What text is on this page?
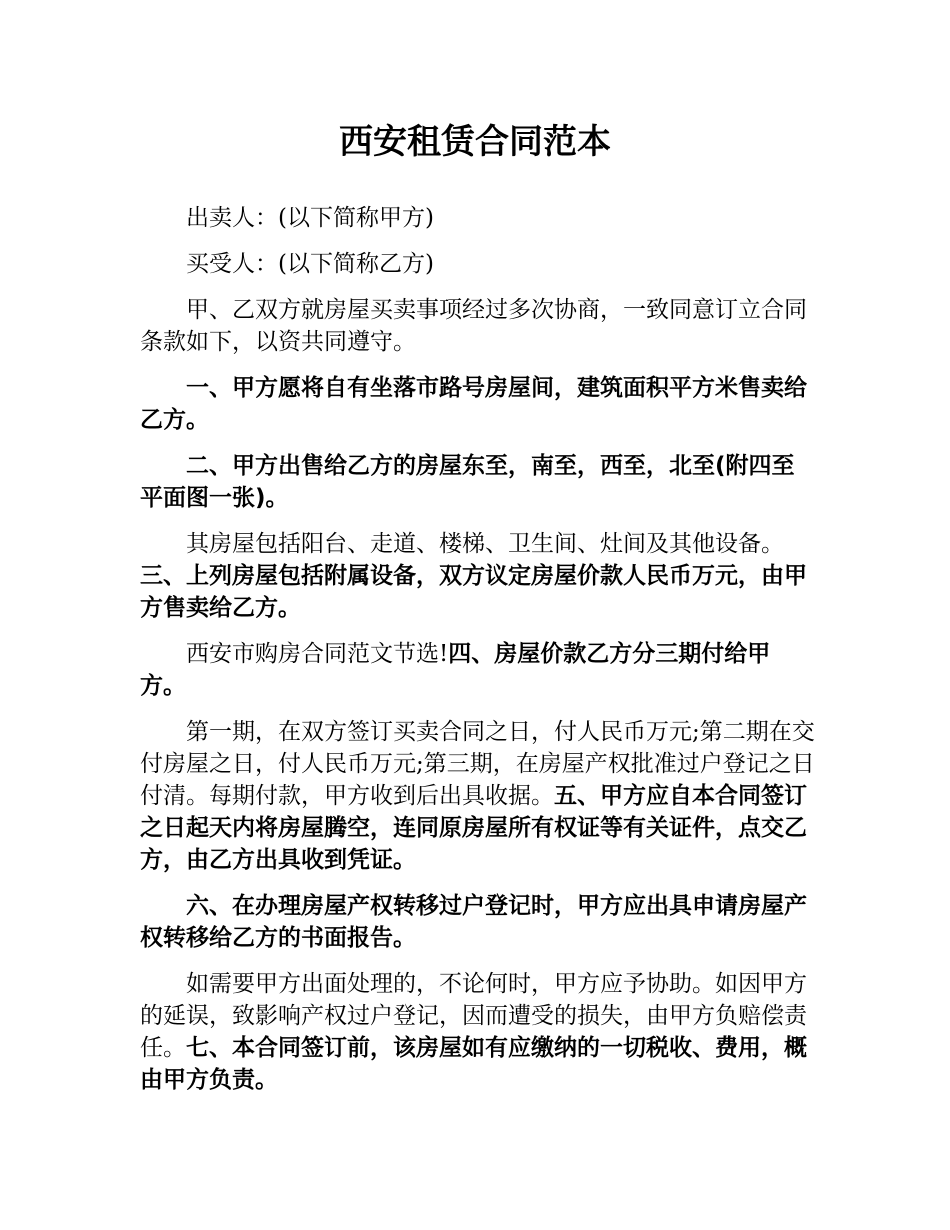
西安租赁合同范本

出卖人：(以下简称甲方)

买受人：(以下简称乙方)

甲、乙双方就房屋买卖事项经过多次协商，一致同意订立合同条款如下，以资共同遵守。

一、甲方愿将自有坐落市路号房屋间，建筑面积平方米售卖给乙方。

二、甲方出售给乙方的房屋东至，南至，西至，北至(附四至平面图一张)。

其房屋包括阳台、走道、楼梯、卫生间、灶间及其他设备。

三、上列房屋包括附属设备，双方议定房屋价款人民币万元，由甲方售卖给乙方。

西安市购房合同范文节选!四、房屋价款乙方分三期付给甲方。

第一期，在双方签订买卖合同之日，付人民币万元;第二期在交付房屋之日，付人民币万元;第三期，在房屋产权批准过户登记之日付清。每期付款，甲方收到后出具收据。五、甲方应自本合同签订之日起天内将房屋腾空，连同原房屋所有权证等有关证件，点交乙方，由乙方出具收到凭证。

六、在办理房屋产权转移过户登记时，甲方应出具申请房屋产权转移给乙方的书面报告。

如需要甲方出面处理的，不论何时，甲方应予协助。如因甲方的延误，致影响产权过户登记，因而遭受的损失，由甲方负赔偿责任。七、本合同签订前，该房屋如有应缴纳的一切税收、费用，概由甲方负责。
